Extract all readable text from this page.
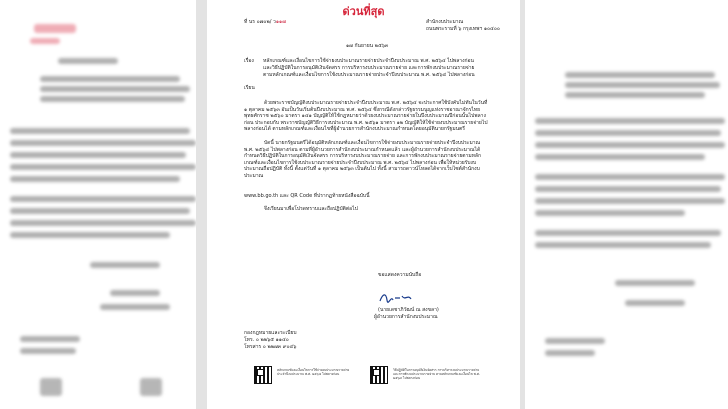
ด่วนที่สุด
ที่ นร ๐๗๐๒/ ว๑๑๗	สำนักงบประมาณ
ถนนพระรามที่ ๖ กรุงเทพฯ ๑๐๔๐๐
๑๗ กันยายน ๒๕๖๓
เรื่อง หลักเกณฑ์และเงื่อนไขการใช้จ่ายงบประมาณรายจ่ายประจำปีงบประมาณ พ.ศ. ๒๕๖๔ ไปพลางก่อน
และวิธีปฏิบัติในการอนุมัติเงินจัดสรร การบริหารงบประมาณรายจ่าย และการพักงบประมาณรายจ่าย
ตามหลักเกณฑ์และเงื่อนไขการใช้งบประมาณรายจ่ายประจำปีงบประมาณ พ.ศ. ๒๕๖๔ ไปพลางก่อน
เรียน
ด้วยพระราชบัญญัติงบประมาณรายจ่ายประจำปีงบประมาณ พ.ศ. ๒๕๖๔ จะประกาศใช้บังคับไม่ทันในวันที่ ๑ ตุลาคม ๒๕๖๓ อันเป็นวันเริ่มต้นปีงบประมาณ พ.ศ. ๒๕๖๔ ซึ่งกรณีดังกล่าวรัฐธรรมนูญแห่งราชอาณาจักรไทย พุทธศักราช ๒๕๖๐ มาตรา ๑๔๑ บัญญัติให้ใช้กฎหมายว่าด้วยงบประมาณรายจ่ายในปีงบประมาณปีก่อนนั้นไปพลางก่อน ประกอบกับ พระราชบัญญัติวิธีการงบประมาณ พ.ศ. ๒๕๖๑ มาตรา ๑๒ บัญญัติให้ใช้จ่ายงบประมาณรายจ่ายไปพลางก่อนได้ ตามหลักเกณฑ์และเงื่อนไขที่ผู้อำนวยการสำนักงบประมาณกำหนดโดยอนุมัตินายกรัฐมนตรี
บัดนี้ นายกรัฐมนตรีได้อนุมัติหลักเกณฑ์และเงื่อนไขการใช้จ่ายงบประมาณรายจ่ายประจำปีงบประมาณ พ.ศ. ๒๕๖๔ ไปพลางก่อน ตามที่ผู้อำนวยการสำนักงบประมาณกำหนดแล้ว และผู้อำนวยการสำนักงบประมาณได้กำหนดวิธีปฏิบัติในการอนุมัติเงินจัดสรร การบริหารงบประมาณรายจ่าย และการพักงบประมาณรายจ่ายตามหลักเกณฑ์และเงื่อนไขการใช้งบประมาณรายจ่ายประจำปีงบประมาณ พ.ศ. ๒๕๖๔ ไปพลางก่อน เพื่อให้หน่วยรับงบประมาณถือปฏิบัติ ทั้งนี้ ตั้งแต่วันที่ ๑ ตุลาคม ๒๕๖๓ เป็นต้นไป ทั้งนี้ สามารถดาวน์โหลดได้จากเว็บไซต์สำนักงบประมาณ
www.bb.go.th และ QR Code ที่ปรากฏท้ายหนังสือฉบับนี้
จึงเรียนมาเพื่อโปรดทราบและถือปฏิบัติต่อไป
ขอแสดงความนับถือ
(นายเดชาภิวัฒน์ ณ สงขลา)
ผู้อำนวยการสำนักงบประมาณ
กองกฎหมายและระเบียบ
โทร. ๐ ๒๒๖๕ ๑๑๔๐
โทรสาร ๐ ๒๒๗๓ ๙๐๔๖
หลักเกณฑ์และเงื่อนไขการใช้จ่ายงบประมาณรายจ่ายประจำปีงบประมาณ พ.ศ. ๒๕๖๔ ไปพลางก่อน
วิธีปฏิบัติในการอนุมัติเงินจัดสรร การบริหารงบประมาณรายจ่าย และการพักงบประมาณรายจ่าย ตามหลักเกณฑ์และเงื่อนไข พ.ศ. ๒๕๖๔ ไปพลางก่อน
